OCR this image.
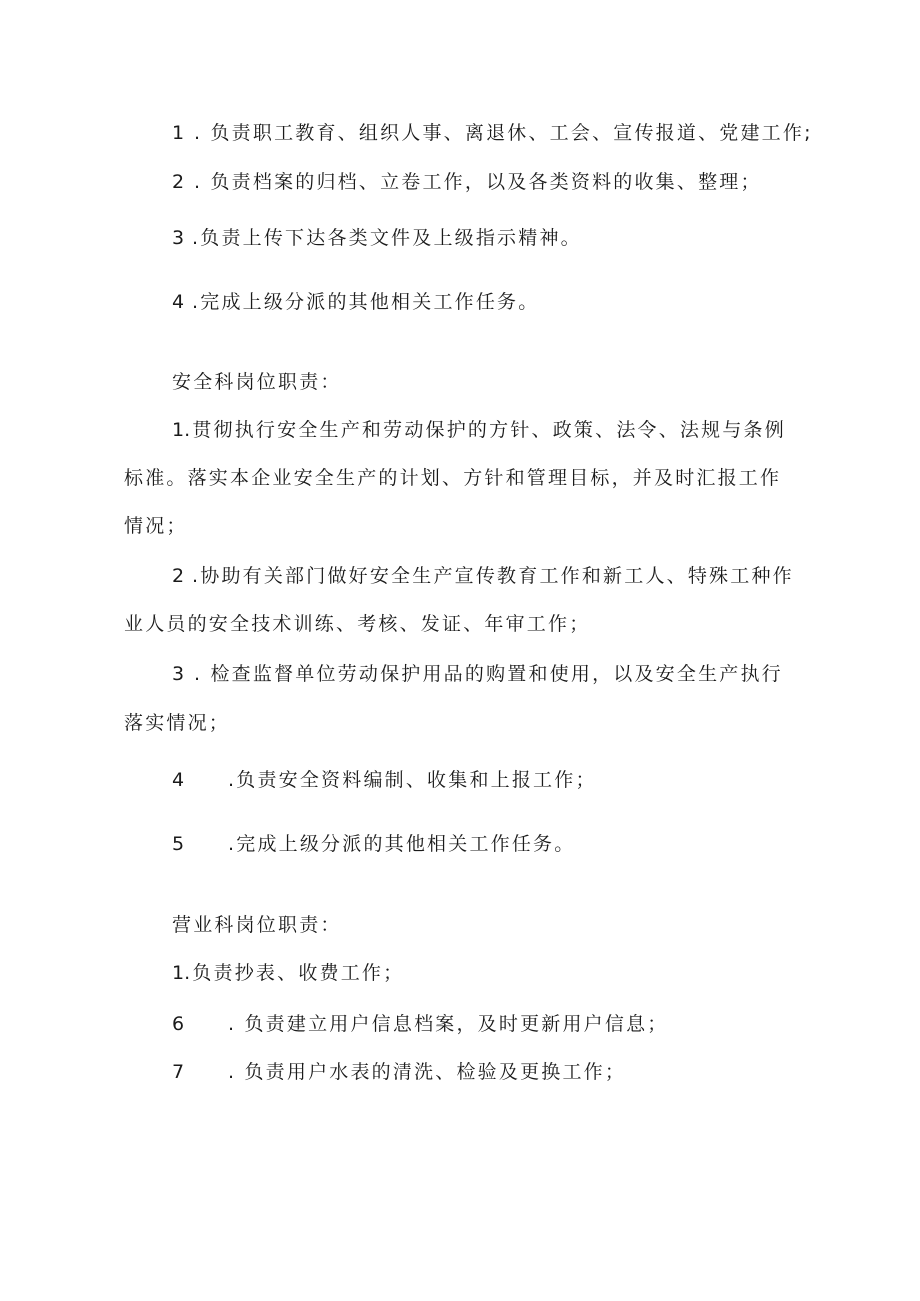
1 . 负责职工教育、组织人事、离退休、工会、宣传报道、党建工作;
2 . 负责档案的归档、立卷工作，以及各类资料的收集、整理；
3 .负责上传下达各类文件及上级指示精神。
4 .完成上级分派的其他相关工作任务。
安全科岗位职责：
1.贯彻执行安全生产和劳动保护的方针、政策、法令、法规与条例
标准。落实本企业安全生产的计划、方针和管理目标，并及时汇报工作
情况；
2 .协助有关部门做好安全生产宣传教育工作和新工人、特殊工种作
业人员的安全技术训练、考核、发证、年审工作；
3 . 检查监督单位劳动保护用品的购置和使用，以及安全生产执行
落实情况；
4 .负责安全资料编制、收集和上报工作；
5 .完成上级分派的其他相关工作任务。
营业科岗位职责：
1.负责抄表、收费工作；
6 . 负责建立用户信息档案，及时更新用户信息；
7 . 负责用户水表的清洗、检验及更换工作；
